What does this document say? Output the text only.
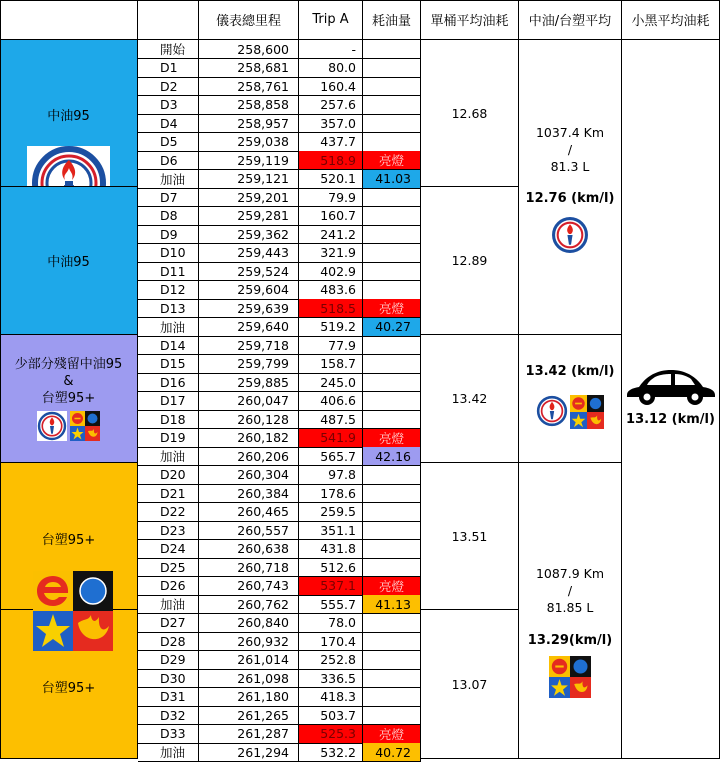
儀表總里程	Trip A	耗油量	單桶平均油耗	中油/台塑平均	小黑平均油耗
中油95
中油95
少部分殘留中油95
&
台塑95+
台塑95+
台塑95+
開始	258,600	-
D1	258,681	80.0
D2	258,761	160.4
D3	258,858	257.6
D4	258,957	357.0
D5	259,038	437.7
D6	259,119	518.9	亮燈
加油	259,121	520.1	41.03
D7	259,201	79.9
D8	259,281	160.7
D9	259,362	241.2
D10	259,443	321.9
D11	259,524	402.9
D12	259,604	483.6
D13	259,639	518.5	亮燈
加油	259,640	519.2	40.27
D14	259,718	77.9
D15	259,799	158.7
D16	259,885	245.0
D17	260,047	406.6
D18	260,128	487.5
D19	260,182	541.9	亮燈
加油	260,206	565.7	42.16
D20	260,304	97.8
D21	260,384	178.6
D22	260,465	259.5
D23	260,557	351.1
D24	260,638	431.8
D25	260,718	512.6
D26	260,743	537.1	亮燈
加油	260,762	555.7	41.13
D27	260,840	78.0
D28	260,932	170.4
D29	261,014	252.8
D30	261,098	336.5
D31	261,180	418.3
D32	261,265	503.7
D33	261,287	525.3	亮燈
加油	261,294	532.2	40.72
12.68
12.89
13.42
13.51
13.07
1037.4 Km
/
81.3 L
12.76 (km/l)
13.42 (km/l)
1087.9 Km
/
81.85 L
13.29(km/l)
13.12 (km/l)
